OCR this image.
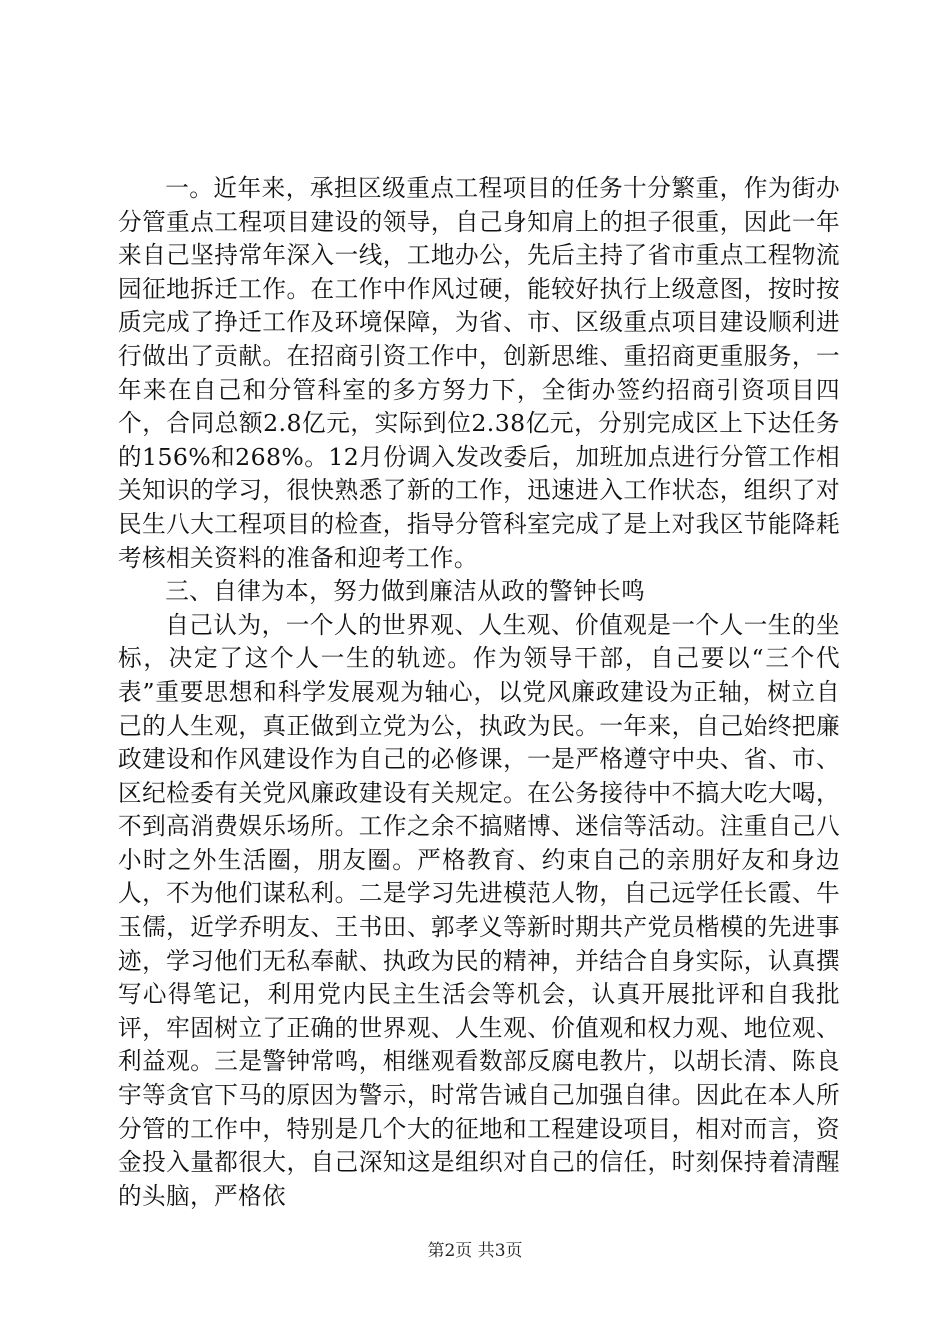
一。近年来，承担区级重点工程项目的任务十分繁重，作为街办分管重点工程项目建设的领导，自己身知肩上的担子很重，因此一年来自己坚持常年深入一线，工地办公，先后主持了省市重点工程物流园征地拆迁工作。在工作中作风过硬，能较好执行上级意图，按时按质完成了挣迁工作及环境保障，为省、市、区级重点项目建设顺利进行做出了贡献。在招商引资工作中，创新思维、重招商更重服务，一年来在自己和分管科室的多方努力下，全街办签约招商引资项目四个，合同总额2.8亿元，实际到位2.38亿元，分别完成区上下达任务的156%和268%。12月份调入发改委后，加班加点进行分管工作相关知识的学习，很快熟悉了新的工作，迅速进入工作状态，组织了对民生八大工程项目的检查，指导分管科室完成了是上对我区节能降耗考核相关资料的准备和迎考工作。

三、自律为本，努力做到廉洁从政的警钟长鸣

自己认为，一个人的世界观、人生观、价值观是一个人一生的坐标，决定了这个人一生的轨迹。作为领导干部，自己要以“三个代表”重要思想和科学发展观为轴心，以党风廉政建设为正轴，树立自己的人生观，真正做到立党为公，执政为民。一年来，自己始终把廉政建设和作风建设作为自己的必修课，一是严格遵守中央、省、市、区纪检委有关党风廉政建设有关规定。在公务接待中不搞大吃大喝，不到高消费娱乐场所。工作之余不搞赌博、迷信等活动。注重自己八小时之外生活圈，朋友圈。严格教育、约束自己的亲朋好友和身边人，不为他们谋私利。二是学习先进模范人物，自己远学任长霞、牛玉儒，近学乔明友、王书田、郭孝义等新时期共产党员楷模的先进事迹，学习他们无私奉献、执政为民的精神，并结合自身实际，认真撰写心得笔记，利用党内民主生活会等机会，认真开展批评和自我批评，牢固树立了正确的世界观、人生观、价值观和权力观、地位观、利益观。三是警钟常鸣，相继观看数部反腐电教片，以胡长清、陈良宇等贪官下马的原因为警示，时常告诫自己加强自律。因此在本人所分管的工作中，特别是几个大的征地和工程建设项目，相对而言，资金投入量都很大，自己深知这是组织对自己的信任，时刻保持着清醒的头脑，严格依

第2页 共3页
